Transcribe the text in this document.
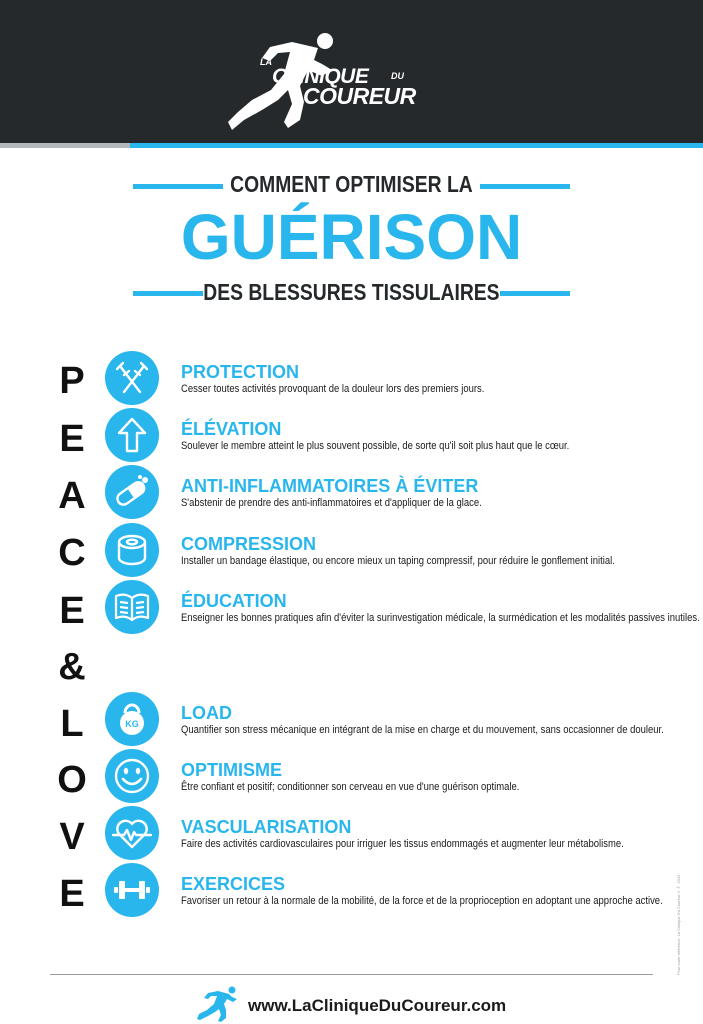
LA
CLINIQUE	DU
COUREUR
COMMENT OPTIMISER LA
GUÉRISON
DES BLESSURES TISSULAIRES
P
E
A
C
E
&
L
O
V
E
KG
PROTECTION
Cesser toutes activités provoquant de la douleur lors des premiers jours.
ÉLÉVATION
Soulever le membre atteint le plus souvent possible, de sorte qu'il soit plus haut que le cœur.
ANTI-INFLAMMATOIRES À ÉVITER
S'abstenir de prendre des anti-inflammatoires et d'appliquer de la glace.
COMPRESSION
Installer un bandage élastique, ou encore mieux un taping compressif, pour réduire le gonflement initial.
ÉDUCATION
Enseigner les bonnes pratiques afin d'éviter la surinvestigation médicale, la surmédication et les modalités passives inutiles.
LOAD
Quantifier son stress mécanique en intégrant de la mise en charge et du mouvement, sans occasionner de douleur.
OPTIMISME
Être confiant et positif; conditionner son cerveau en vue d'une guérison optimale.
VASCULARISATION
Faire des activités cardiovasculaires pour irriguer les tissus endommagés et augmenter leur métabolisme.
EXERCICES
Favoriser un retour à la normale de la mobilité, de la force et de la proprioception en adoptant une approche active.	Pour toute référence: La Clinique Du Coureur©™ 2019
www.LaCliniqueDuCoureur.com
